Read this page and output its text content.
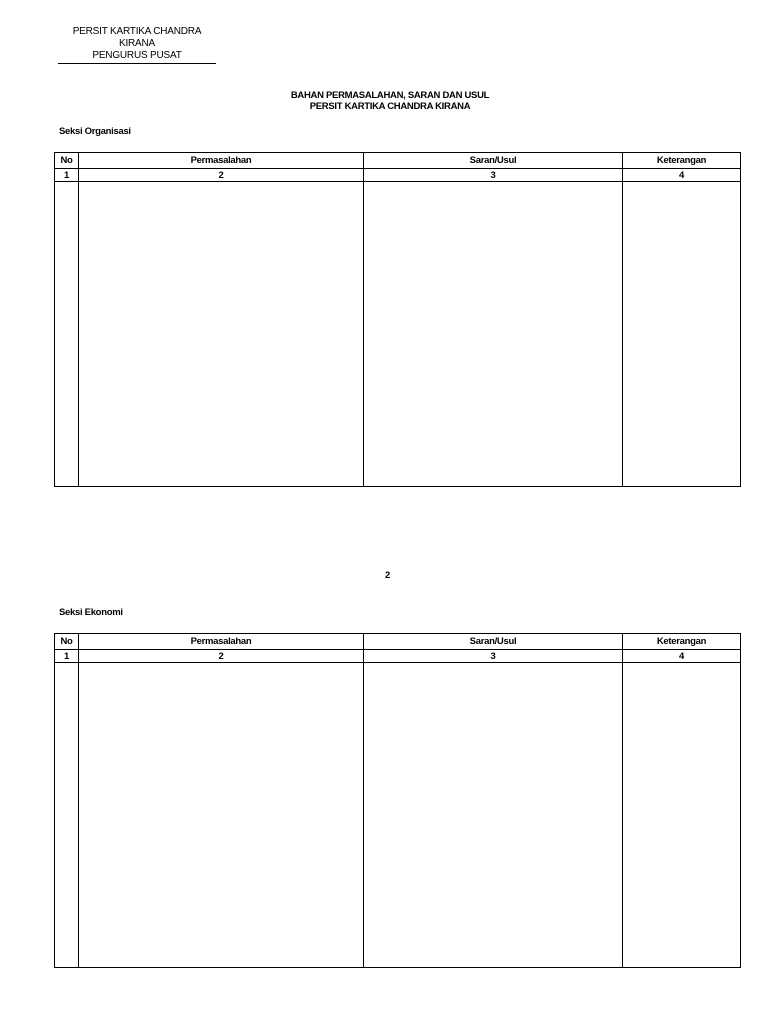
PERSIT KARTIKA CHANDRA KIRANA
PENGURUS PUSAT
BAHAN PERMASALAHAN, SARAN DAN USUL
PERSIT KARTIKA CHANDRA KIRANA
Seksi Organisasi
No	Permasalahan	Saran/Usul	Keterangan
1	2	3	4

2
Seksi Ekonomi
No	Permasalahan	Saran/Usul	Keterangan
1	2	3	4
